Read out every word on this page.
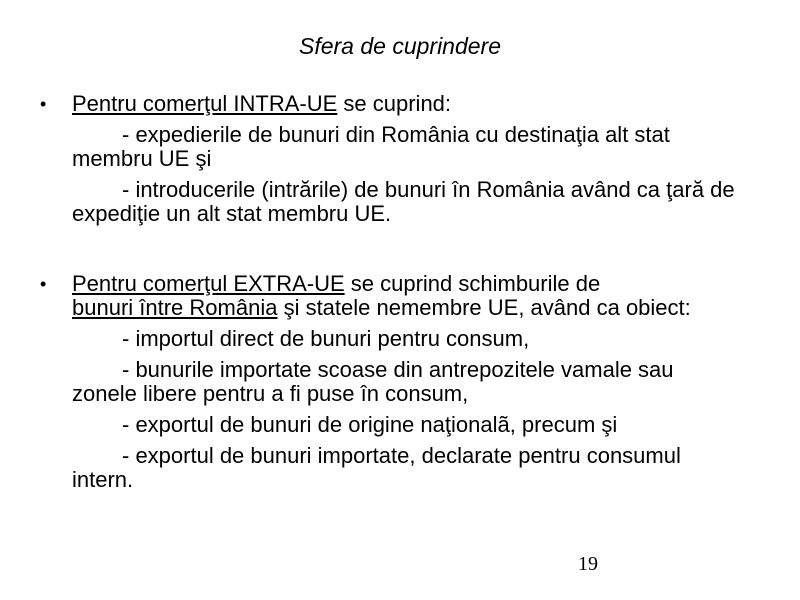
Sfera de cuprindere
•	Pentru comerţul INTRA-UE se cuprind:

- expedierile de bunuri din România cu destinaţia alt stat membru UE şi

- introducerile (intrările) de bunuri în România având ca ţară de expediţie un alt stat membru UE.

•	Pentru comerţul EXTRA-UE se cuprind schimburile de
bunuri între România şi statele nemembre UE, având ca obiect:

- importul direct de bunuri pentru consum,

- bunurile importate scoase din antrepozitele vamale sau zonele libere pentru a fi puse în consum,

- exportul de bunuri de origine naţionalã, precum şi

- exportul de bunuri importate, declarate pentru consumul intern.

19
